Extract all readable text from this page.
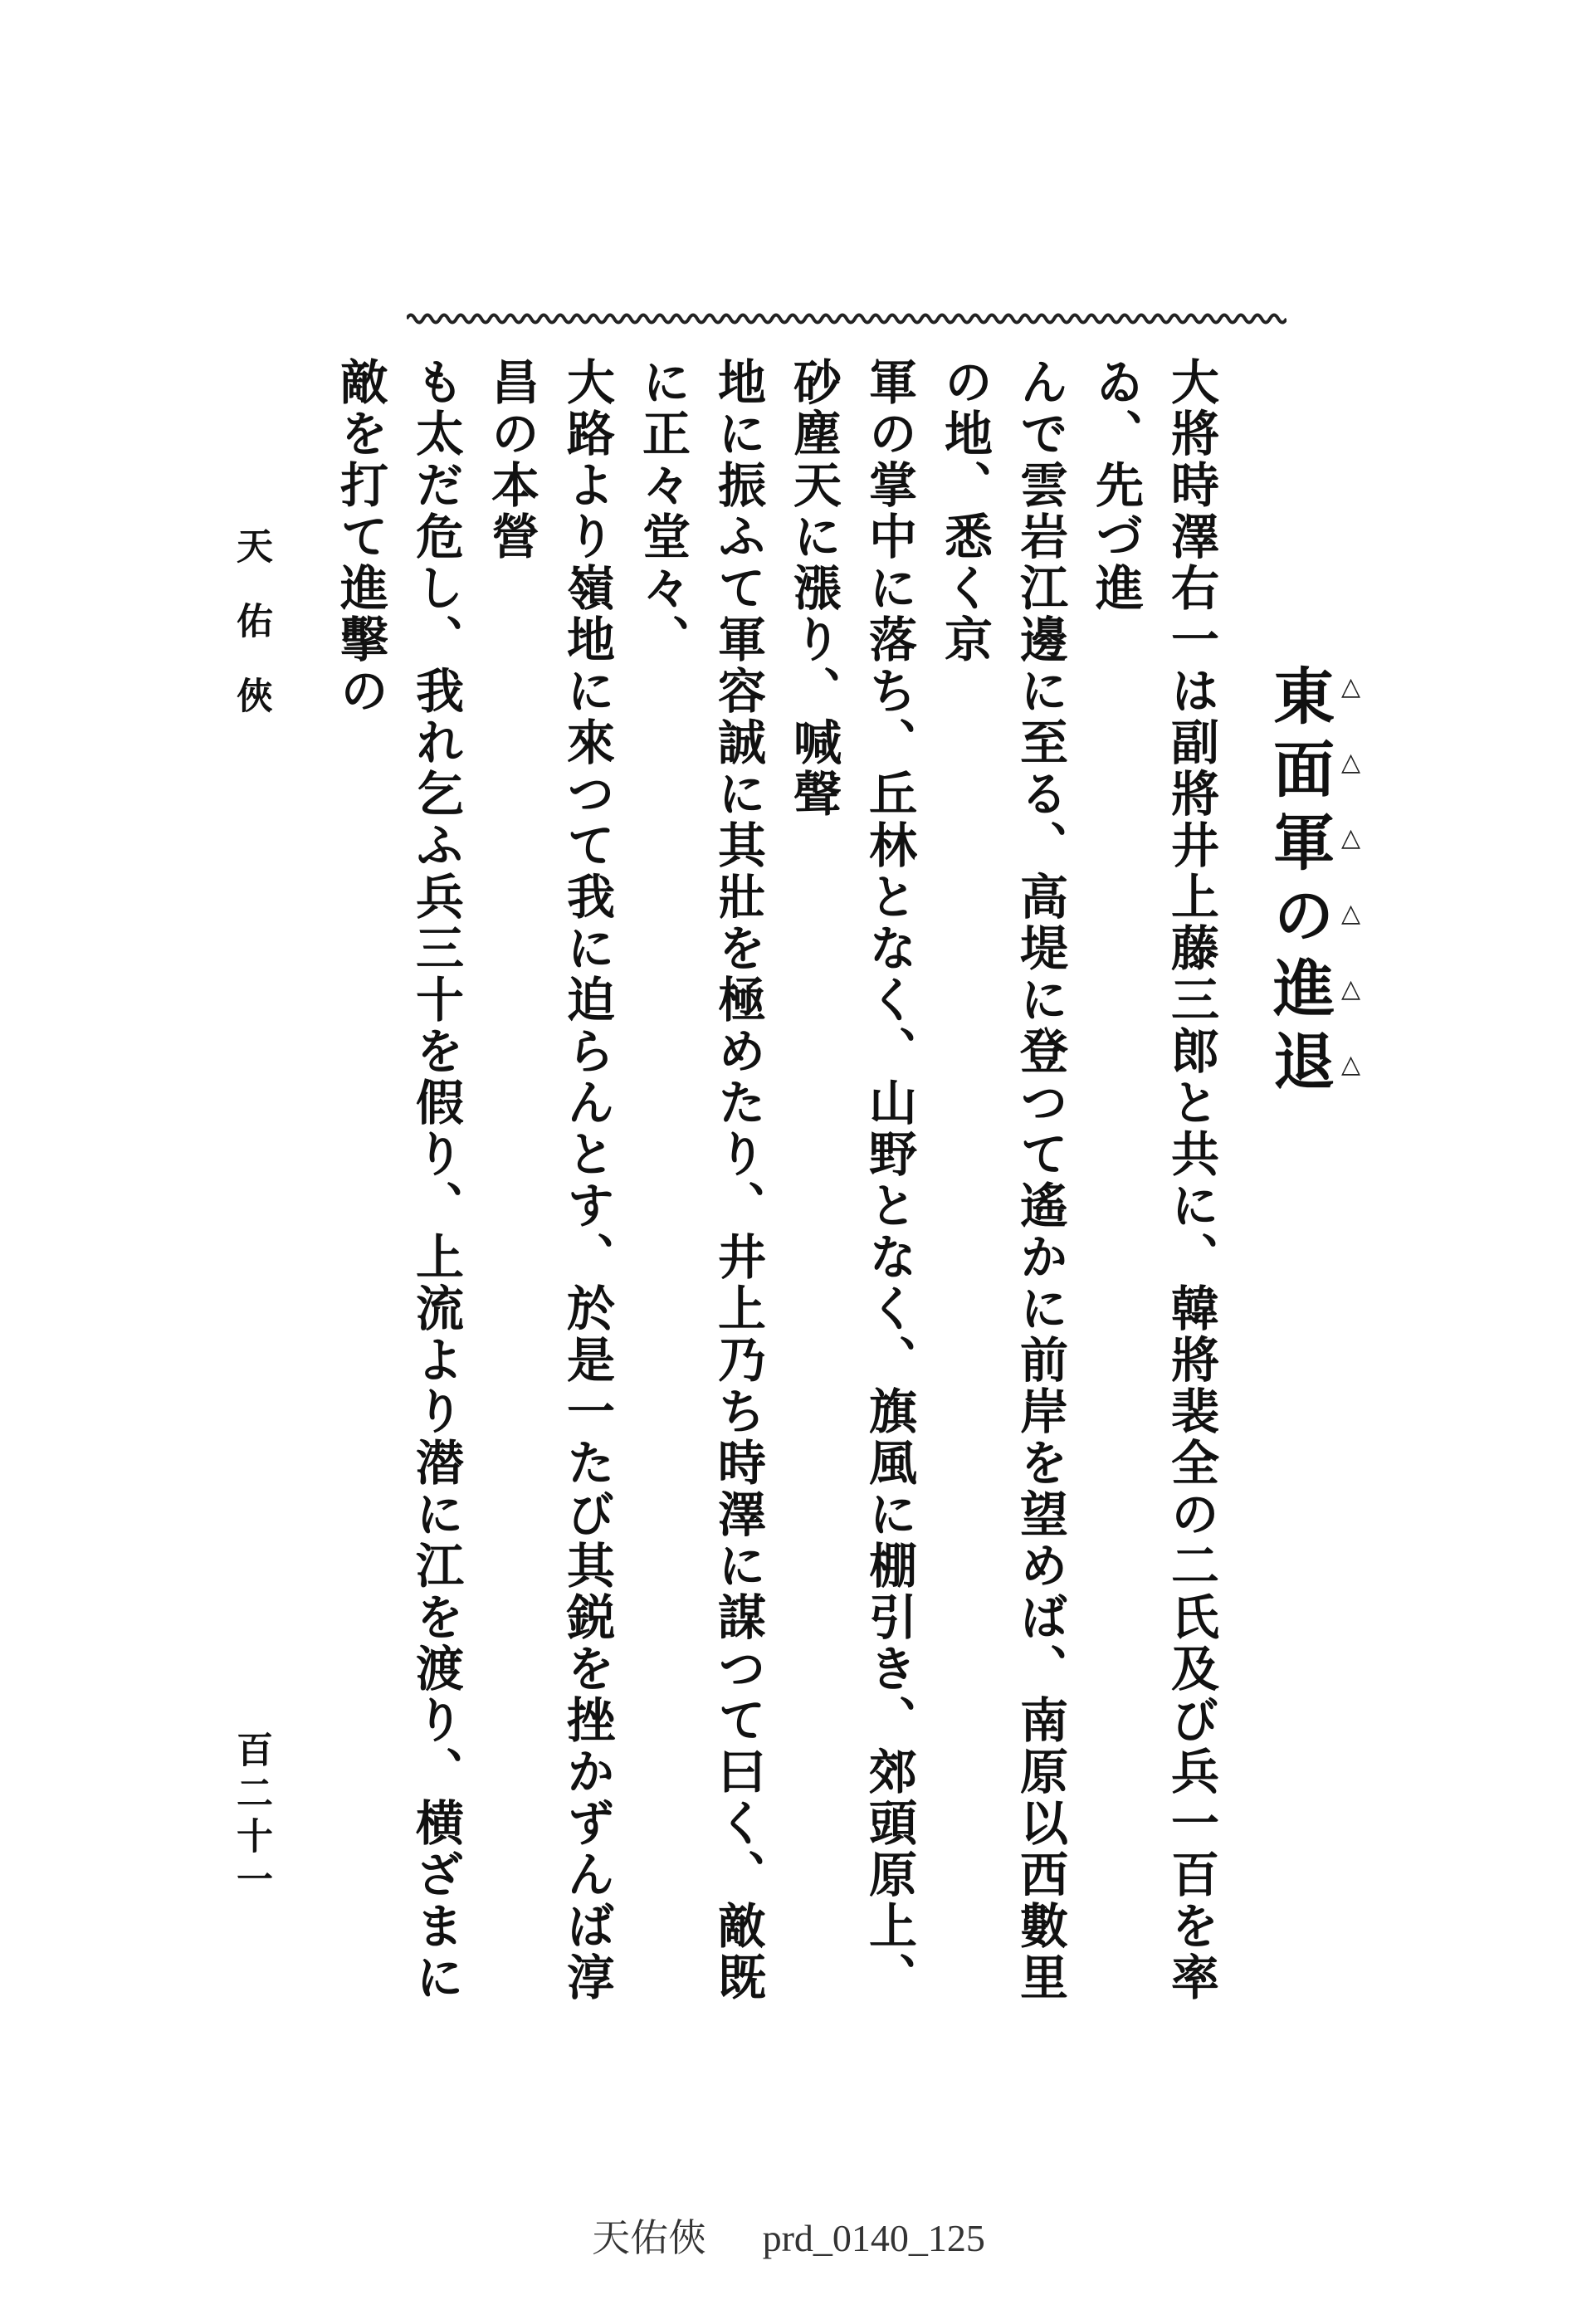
△△△△△△
東面軍の進退

大將時澤右一は副將井上藤三郎と共に、韓將裴全の二氏及び兵一百を率ゐ、先づ進

んで雲岩江邊に至る、高堤に登つて遙かに前岸を望めば、南原以西數里の地、悉く京

軍の掌中に落ち、丘林となく、山野となく、旗風に棚引き、郊頭原上、砂塵天に漲り、喊聲

地に振ふて軍容誠に其壯を極めたり、井上乃ち時澤に謀つて曰く、敵既に正々堂々、

大路より嶺地に來つて我に迫らんとす、於是一たび其鋭を挫かずんば淳昌の本營

も太だ危し、我れ乞ふ兵三十を假り、上流より潜に江を渡り、横ざまに敵を打て進擊の

天佑俠
百二十一
天佑俠 prd_0140_125
